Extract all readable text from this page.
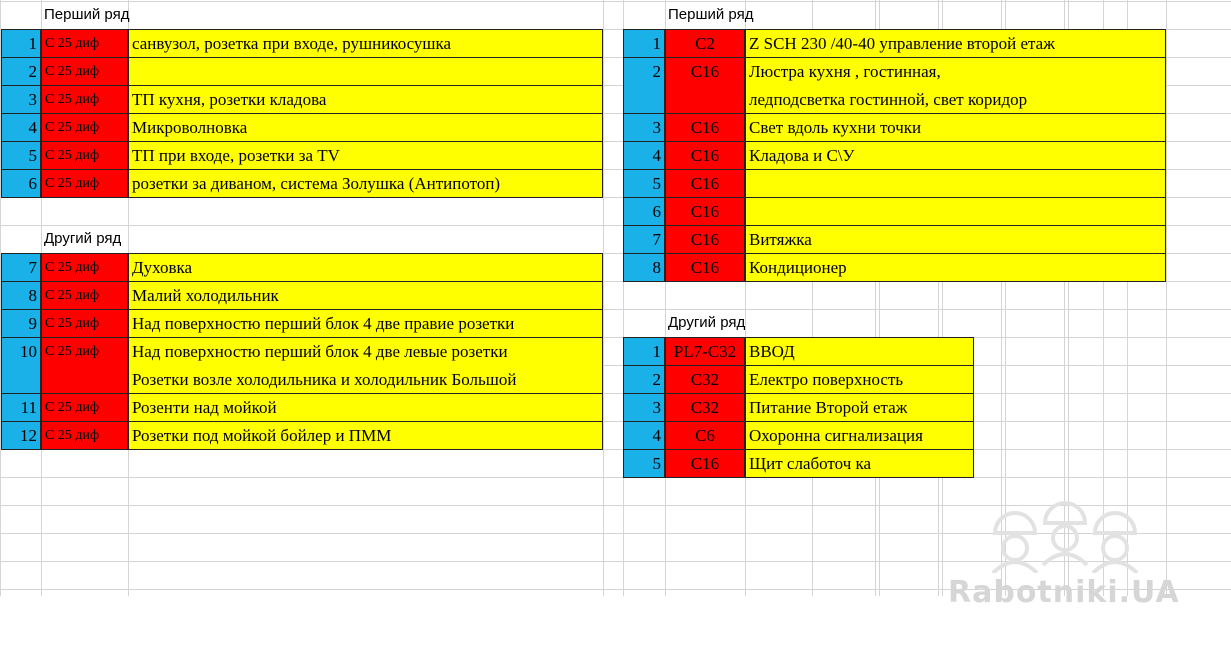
Перший ряд
Другий ряд
Перший ряд
Другий ряд
1 С 25 диф	санвузол, розетка при входе, рушникосушка
2 С 25 диф
3 С 25 диф	ТП кухня, розетки кладова
4 С 25 диф	Микроволновка
5 С 25 диф	ТП при входе, розетки за TV
6 С 25 диф	розетки за диваном, система Золушка (Антипотоп)
7 С 25 диф	Духовка
8 С 25 диф	Малий холодильник
9 С 25 диф	Над поверхностю перший блок 4 две правие розетки
10 С 25 диф	Над поверхностю перший блок 4 две левые розетки
Розетки возле холодильника и холодильник Большой
11 С 25 диф	Розенти над мойкой
12 С 25 диф	Розетки под мойкой бойлер и ПММ
1	C2	Z SCH 230 /40-40 управление второй етаж
2	C16	Люстра кухня , гостинная,
ледподсветка гостинной, свет коридор
3	C16	Свет вдоль кухни точки
4	C16	Кладова и С\У
5	C16
6	C16
7	C16	Витяжка
8	C16	Кондиционер
1 PL7-C32 ВВОД
2	C32	Електро поверхность
3	C32	Питание Второй етаж
4	C6	Охоронна сигнализация
5	C16	Щит слаботоч ка
Rabotniki.UA
